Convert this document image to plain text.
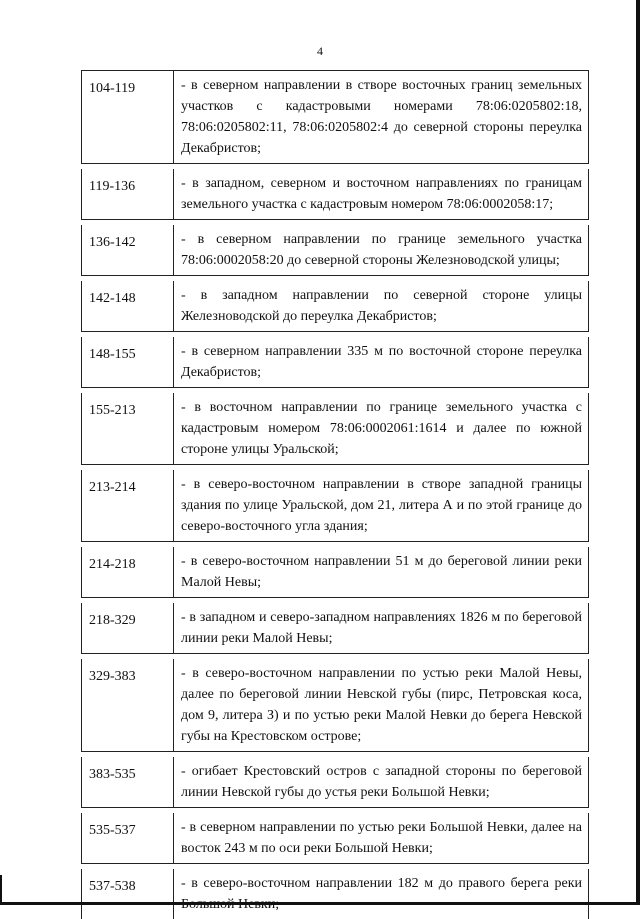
4
104-119	- в северном направлении в створе восточных границ земельных участков с кадастровыми номерами 78:06:0205802:18, 78:06:0205802:11, 78:06:0205802:4 до северной стороны переулка Декабристов;
119-136	- в западном, северном и восточном направлениях по границам земельного участка с кадастровым номером 78:06:0002058:17;
136-142	- в северном направлении по границе земельного участка 78:06:0002058:20 до северной стороны Железноводской улицы;
142-148	- в западном направлении по северной стороне улицы Железноводской до переулка Декабристов;
148-155	- в северном направлении 335 м по восточной стороне переулка Декабристов;
155-213	- в восточном направлении по границе земельного участка с кадастровым номером 78:06:0002061:1614 и далее по южной стороне улицы Уральской;
213-214	- в северо-восточном направлении в створе западной границы здания по улице Уральской, дом 21, литера А и по этой границе до северо-восточного угла здания;
214-218	- в северо-восточном направлении 51 м до береговой линии реки Малой Невы;
218-329	- в западном и северо-западном направлениях 1826 м по береговой линии реки Малой Невы;
329-383	- в северо-восточном направлении по устью реки Малой Невы, далее по береговой линии Невской губы (пирс, Петровская коса, дом 9, литера З) и по устью реки Малой Невки до берега Невской губы на Крестовском острове;
383-535	- огибает Крестовский остров с западной стороны по береговой линии Невской губы до устья реки Большой Невки;
535-537	- в северном направлении по устью реки Большой Невки, далее на восток 243 м по оси реки Большой Невки;
537-538	- в северо-восточном направлении 182 м до правого берега реки
